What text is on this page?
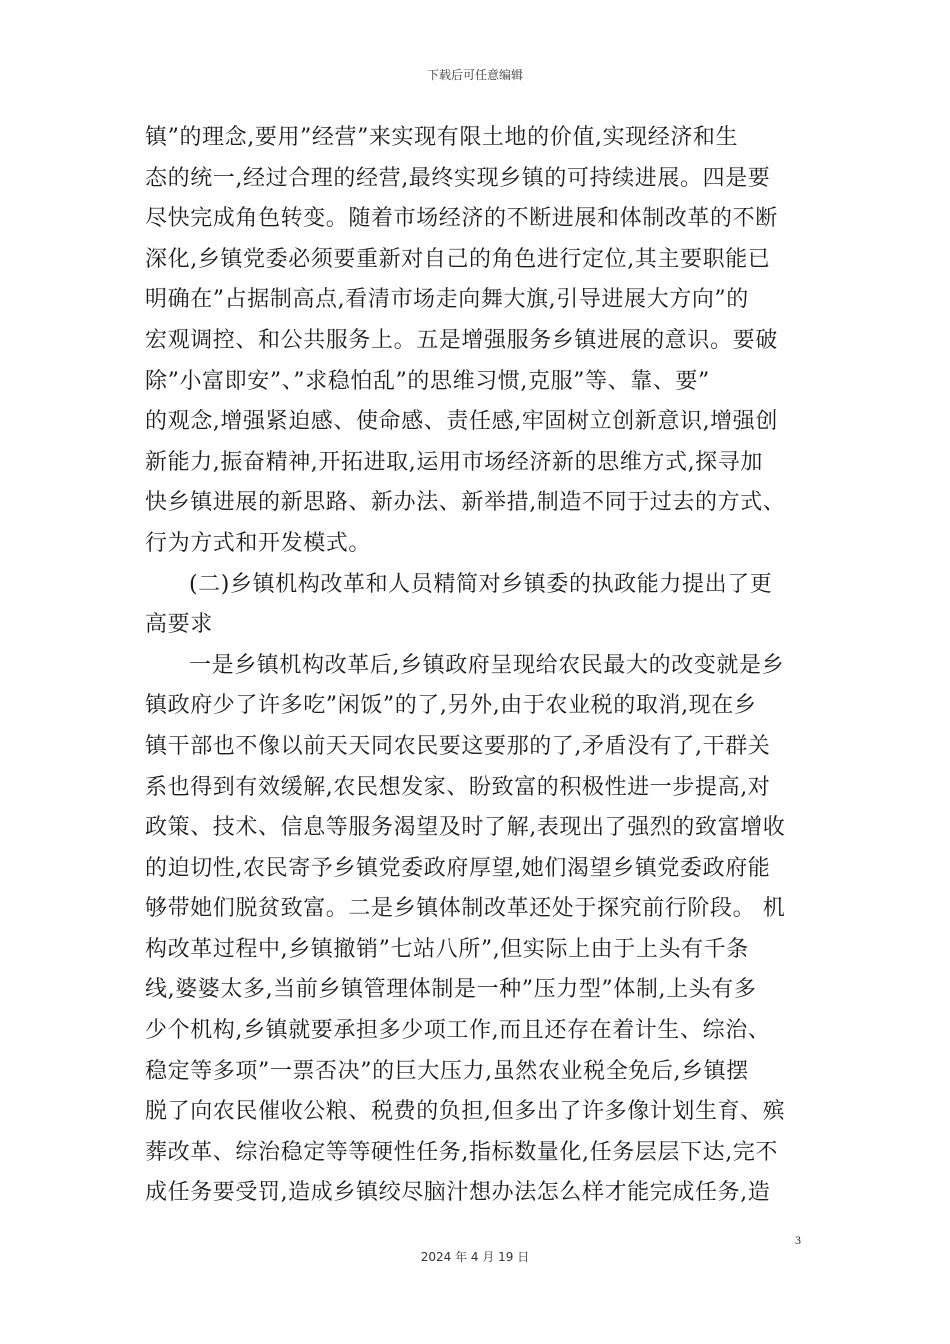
下载后可任意编辑
镇”的理念,要用”经营”来实现有限土地的价值,实现经济和生
态的统一,经过合理的经营,最终实现乡镇的可持续进展。四是要
尽快完成角色转变。随着市场经济的不断进展和体制改革的不断
深化,乡镇党委必须要重新对自己的角色进行定位,其主要职能已
明确在”占据制高点,看清市场走向舞大旗,引导进展大方向”的
宏观调控、和公共服务上。五是增强服务乡镇进展的意识。要破
除”小富即安”、”求稳怕乱”的思维习惯,克服”等、靠、要”
的观念,增强紧迫感、使命感、责任感,牢固树立创新意识,增强创
新能力,振奋精神,开拓进取,运用市场经济新的思维方式,探寻加
快乡镇进展的新思路、新办法、新举措,制造不同于过去的方式、
行为方式和开发模式。
(二)乡镇机构改革和人员精简对乡镇委的执政能力提出了更
高要求
一是乡镇机构改革后,乡镇政府呈现给农民最大的改变就是乡
镇政府少了许多吃”闲饭”的了,另外,由于农业税的取消,现在乡
镇干部也不像以前天天同农民要这要那的了,矛盾没有了,干群关
系也得到有效缓解,农民想发家、盼致富的积极性进一步提高,对
政策、技术、信息等服务渴望及时了解,表现出了强烈的致富增收
的迫切性,农民寄予乡镇党委政府厚望,她们渴望乡镇党委政府能
够带她们脱贫致富。二是乡镇体制改革还处于探究前行阶段。 机
构改革过程中,乡镇撤销”七站八所”,但实际上由于上头有千条
线,婆婆太多,当前乡镇管理体制是一种”压力型”体制,上头有多
少个机构,乡镇就要承担多少项工作,而且还存在着计生、综治、
稳定等多项”一票否决”的巨大压力,虽然农业税全免后,乡镇摆
脱了向农民催收公粮、税费的负担,但多出了许多像计划生育、殡
葬改革、综治稳定等等硬性任务,指标数量化,任务层层下达,完不
成任务要受罚,造成乡镇绞尽脑汁想办法怎么样才能完成任务,造
3
2024 年 4 月 19 日
